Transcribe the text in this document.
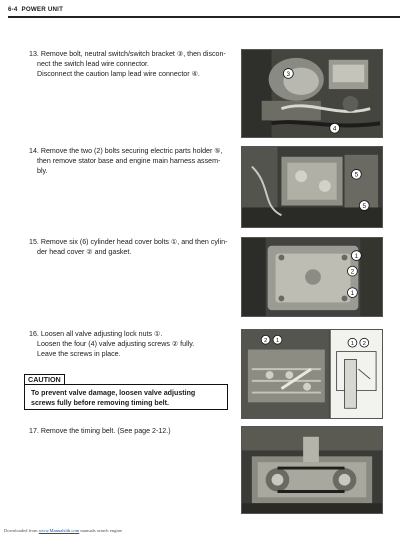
6-4 POWER UNIT
13. Remove bolt, neutral switch/switch bracket ③, then discon-
nect the switch lead wire connector.
Disconnect the caution lamp lead wire connector ④.	3
4
14. Remove the two (2) bolts securing electric parts holder ⑤,
then remove stator base and engine main harness assem-
bly.	5
5
15. Remove six (6) cylinder head cover bolts ①, and then cylin-
der head cover ② and gasket.
1
2
1
16. Loosen all valve adjusting lock nuts ①.
Loosen the four (4) valve adjusting screws ② fully.
Leave the screws in place.
2 1	1 2
CAUTION
To prevent valve damage, loosen valve adjusting
screws fully before removing timing belt.
17. Remove the timing belt. (See page 2-12.)
Downloaded from www.Manualslib.com manuals search engine
